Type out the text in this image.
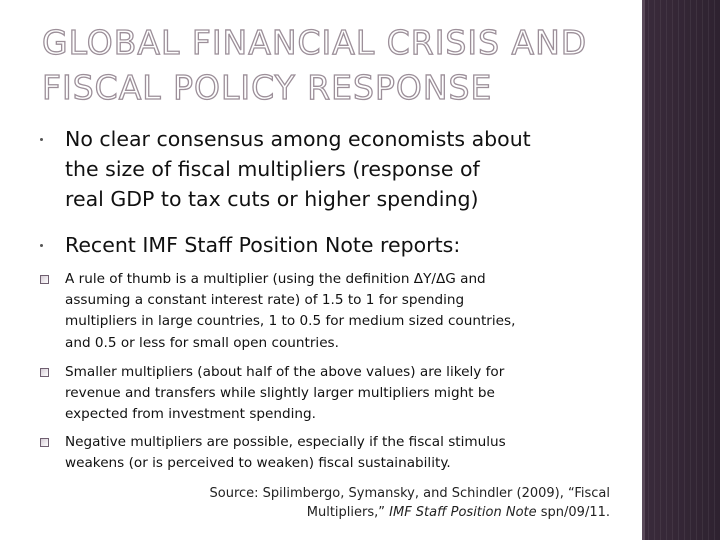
GLOBAL FINANCIAL CRISIS AND
FISCAL POLICY RESPONSE
No clear consensus among economists about
the size of fiscal multipliers (response of
real GDP to tax cuts or higher spending)
Recent IMF Staff Position Note reports:
A rule of thumb is a multiplier (using the definition ΔY/ΔG and
assuming a constant interest rate) of 1.5 to 1 for spending
multipliers in large countries, 1 to 0.5 for medium sized countries,
and 0.5 or less for small open countries.
Smaller multipliers (about half of the above values) are likely for
revenue and transfers while slightly larger multipliers might be
expected from investment spending.
Negative multipliers are possible, especially if the fiscal stimulus
weakens (or is perceived to weaken) fiscal sustainability.
Source: Spilimbergo, Symansky, and Schindler (2009), “Fiscal
Multipliers,” IMF Staff Position Note spn/09/11.
